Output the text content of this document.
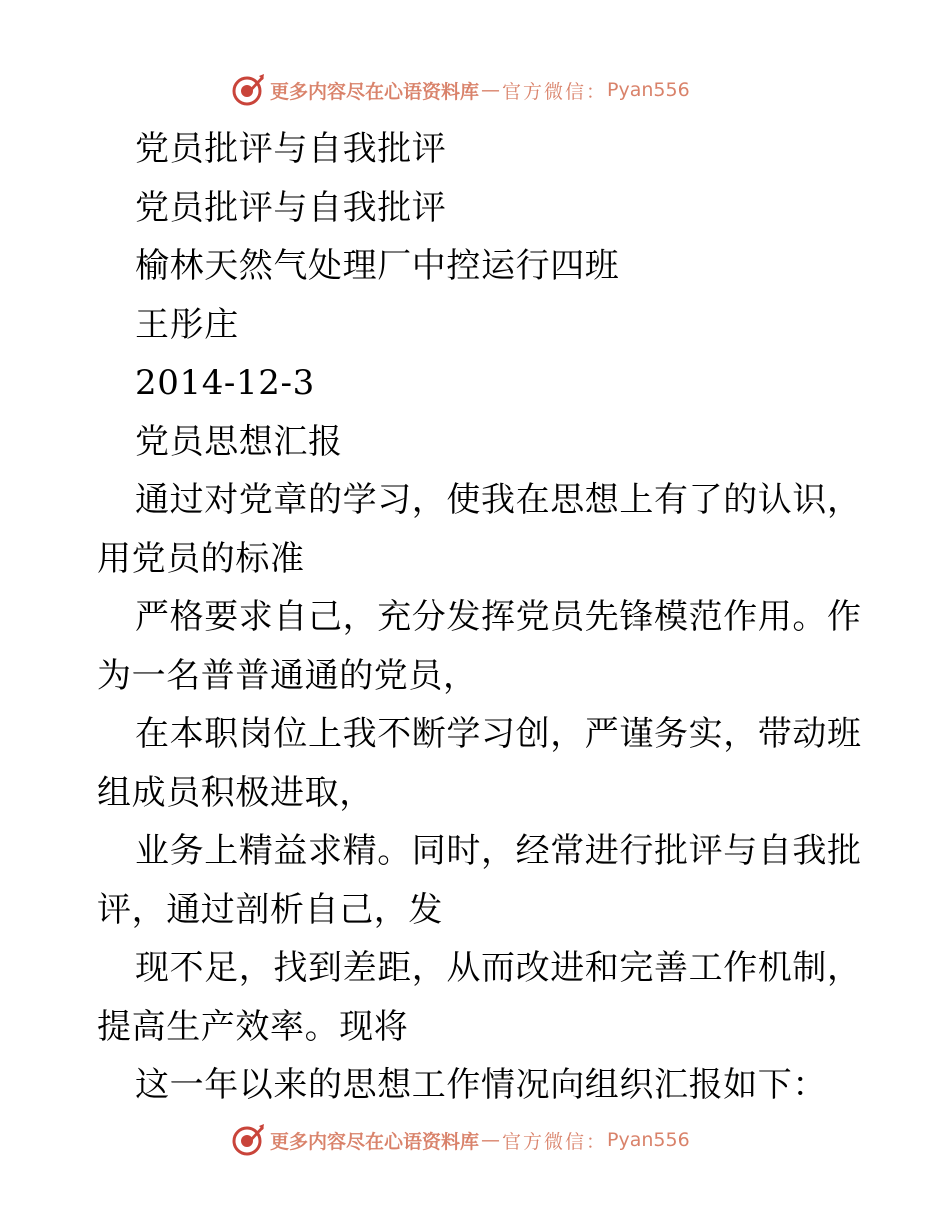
更多内容尽在心语资料库 — 官方微信： Pyan556
党员批评与自我批评
党员批评与自我批评
榆林天然气处理厂中控运行四班
王彤庄
2014-12-3
党员思想汇报
通过对党章的学习，使我在思想上有了的认识，
用党员的标准
严格要求自己，充分发挥党员先锋模范作用。作
为一名普普通通的党员，
在本职岗位上我不断学习创，严谨务实，带动班
组成员积极进取，
业务上精益求精。同时，经常进行批评与自我批
评，通过剖析自己，发
现不足，找到差距，从而改进和完善工作机制，
提高生产效率。现将
这一年以来的思想工作情况向组织汇报如下：
更多内容尽在心语资料库 — 官方微信： Pyan556
